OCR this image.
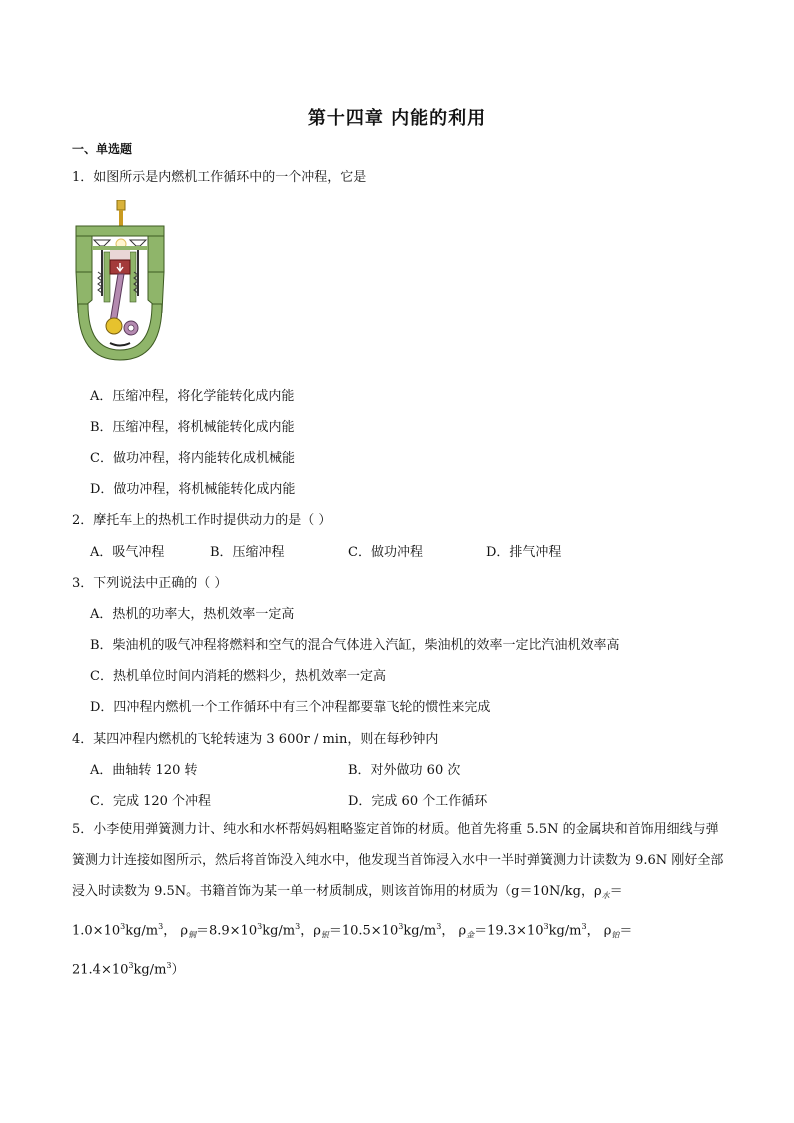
第十四章 内能的利用
一、单选题
1．如图所示是内燃机工作循环中的一个冲程，它是
A．压缩冲程，将化学能转化成内能
B．压缩冲程，将机械能转化成内能
C．做功冲程，将内能转化成机械能
D．做功冲程，将机械能转化成内能
2．摩托车上的热机工作时提供动力的是（ ）
A．吸气冲程	B．压缩冲程	C．做功冲程	D．排气冲程
3．下列说法中正确的（ ）
A．热机的功率大，热机效率一定高
B．柴油机的吸气冲程将燃料和空气的混合气体进入汽缸，柴油机的效率一定比汽油机效率高
C．热机单位时间内消耗的燃料少，热机效率一定高
D．四冲程内燃机一个工作循环中有三个冲程都要靠飞轮的惯性来完成
4．某四冲程内燃机的飞轮转速为 3 600r / min，则在每秒钟内
A．曲轴转 120 转	B．对外做功 60 次
C．完成 120 个冲程	D．完成 60 个工作循环
5．小李使用弹簧测力计、纯水和水杯帮妈妈粗略鉴定首饰的材质。他首先将重 5.5N 的金属块和首饰用细线与弹簧测力计连接如图所示，然后将首饰没入纯水中，他发现当首饰浸入水中一半时弹簧测力计读数为 9.6N 刚好全部浸入时读数为 9.5N。书籍首饰为某一单一材质制成，则该首饰用的材质为（g＝10N/kg，$\rho_水=1.0\times 10^3kg/m^3$， $\rho_铜=8.9\times 10^3kg/m^3$，$\rho_银=10.5\times 10^3kg/m^3$， $\rho_金=19.3\times 10^3kg/m^3$， $\rho_铂=21.4\times 10^3kg/m^3$）
